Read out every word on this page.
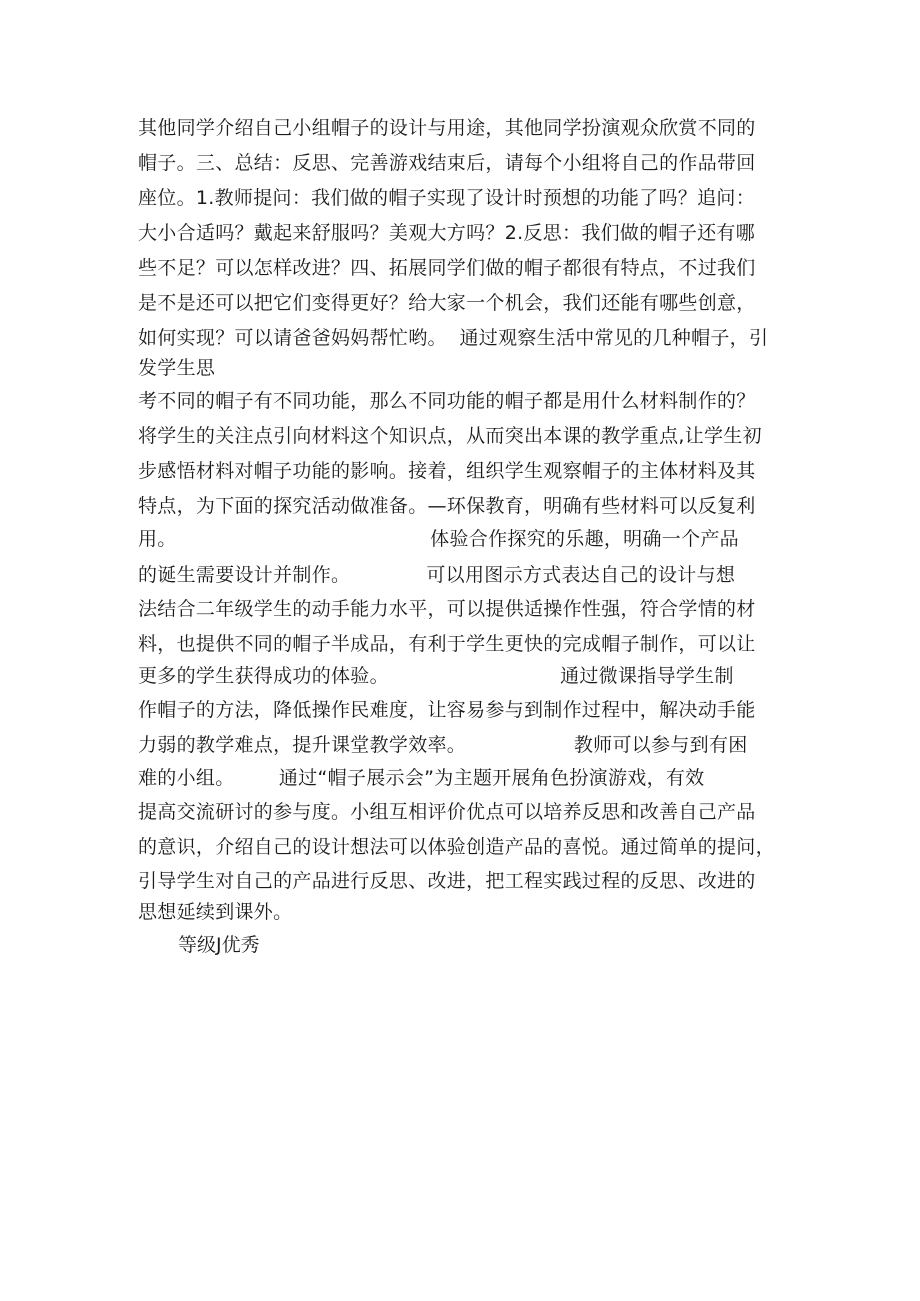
其他同学介绍自己小组帽子的设计与用途，其他同学扮演观众欣赏不同的
帽子。三、总结：反思、完善游戏结束后，请每个小组将自己的作品带回
座位。1.教师提问：我们做的帽子实现了设计时预想的功能了吗？追问：
大小合适吗？戴起来舒服吗？美观大方吗？2.反思：我们做的帽子还有哪
些不足？可以怎样改进？四、拓展同学们做的帽子都很有特点，不过我们
是不是还可以把它们变得更好？给大家一个机会，我们还能有哪些创意，
如何实现？可以请爸爸妈妈帮忙哟。  通过观察生活中常见的几种帽子，引
发学生思
考不同的帽子有不同功能，那么不同功能的帽子都是用什么材料制作的？
将学生的关注点引向材料这个知识点，从而突出本课的教学重点,让学生初
步感悟材料对帽子功能的影响。接着，组织学生观察帽子的主体材料及其
特点，为下面的探究活动做准备。—环保教育，明确有些材料可以反复利
用。                                        体验合作探究的乐趣，明确一个产品
的诞生需要设计并制作。            可以用图示方式表达自己的设计与想
法结合二年级学生的动手能力水平，可以提供适操作性强，符合学情的材
料，也提供不同的帽子半成品，有利于学生更快的完成帽子制作，可以让
更多的学生获得成功的体验。                           通过微课指导学生制
作帽子的方法，降低操作民难度，让容易参与到制作过程中，解决动手能
力弱的教学难点，提升课堂教学效率。                 教师可以参与到有困
难的小组。       通过“帽子展示会”为主题开展角色扮演游戏，有效
提高交流研讨的参与度。小组互相评价优点可以培养反思和改善自己产品
的意识，介绍自己的设计想法可以体验创造产品的喜悦。通过简单的提问，
引导学生对自己的产品进行反思、改进，把工程实践过程的反思、改进的
思想延续到课外。
等级J优秀
